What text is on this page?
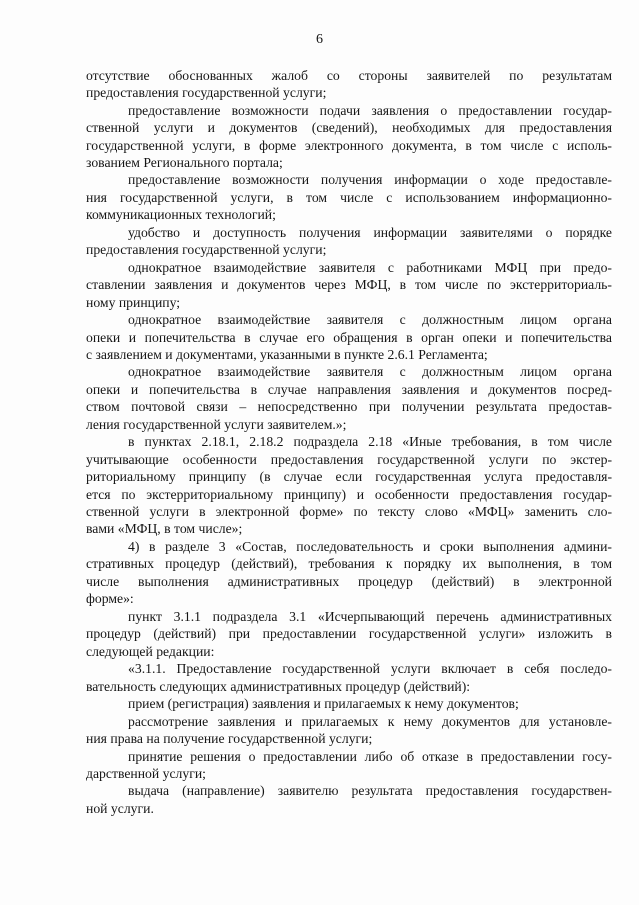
6
отсутствие обоснованных жалоб со стороны заявителей по результатам
предоставления государственной услуги;
предоставление возможности подачи заявления о предоставлении государ-
ственной услуги и документов (сведений), необходимых для предоставления
государственной услуги, в форме электронного документа, в том числе с исполь-
зованием Регионального портала;
предоставление возможности получения информации о ходе предоставле-
ния государственной услуги, в том числе с использованием информационно-
коммуникационных технологий;
удобство и доступность получения информации заявителями о порядке
предоставления государственной услуги;
однократное взаимодействие заявителя с работниками МФЦ при предо-
ставлении заявления и документов через МФЦ, в том числе по экстерриториаль-
ному принципу;
однократное взаимодействие заявителя с должностным лицом органа
опеки и попечительства в случае его обращения в орган опеки и попечительства
с заявлением и документами, указанными в пункте 2.6.1 Регламента;
однократное взаимодействие заявителя с должностным лицом органа
опеки и попечительства в случае направления заявления и документов посред-
ством почтовой связи – непосредственно при получении результата предостав-
ления государственной услуги заявителем.»;
в пунктах 2.18.1, 2.18.2 подраздела 2.18 «Иные требования, в том числе
учитывающие особенности предоставления государственной услуги по экстер-
риториальному принципу (в случае если государственная услуга предоставля-
ется по экстерриториальному принципу) и особенности предоставления государ-
ственной услуги в электронной форме» по тексту слово «МФЦ» заменить сло-
вами «МФЦ, в том числе»;
4) в разделе 3 «Состав, последовательность и сроки выполнения админи-
стративных процедур (действий), требования к порядку их выполнения, в том
числе выполнения административных процедур (действий) в электронной
форме»:
пункт 3.1.1 подраздела 3.1 «Исчерпывающий перечень административных
процедур (действий) при предоставлении государственной услуги» изложить в
следующей редакции:
«3.1.1. Предоставление государственной услуги включает в себя последо-
вательность следующих административных процедур (действий):
прием (регистрация) заявления и прилагаемых к нему документов;
рассмотрение заявления и прилагаемых к нему документов для установле-
ния права на получение государственной услуги;
принятие решения о предоставлении либо об отказе в предоставлении госу-
дарственной услуги;
выдача (направление) заявителю результата предоставления государствен-
ной услуги.
